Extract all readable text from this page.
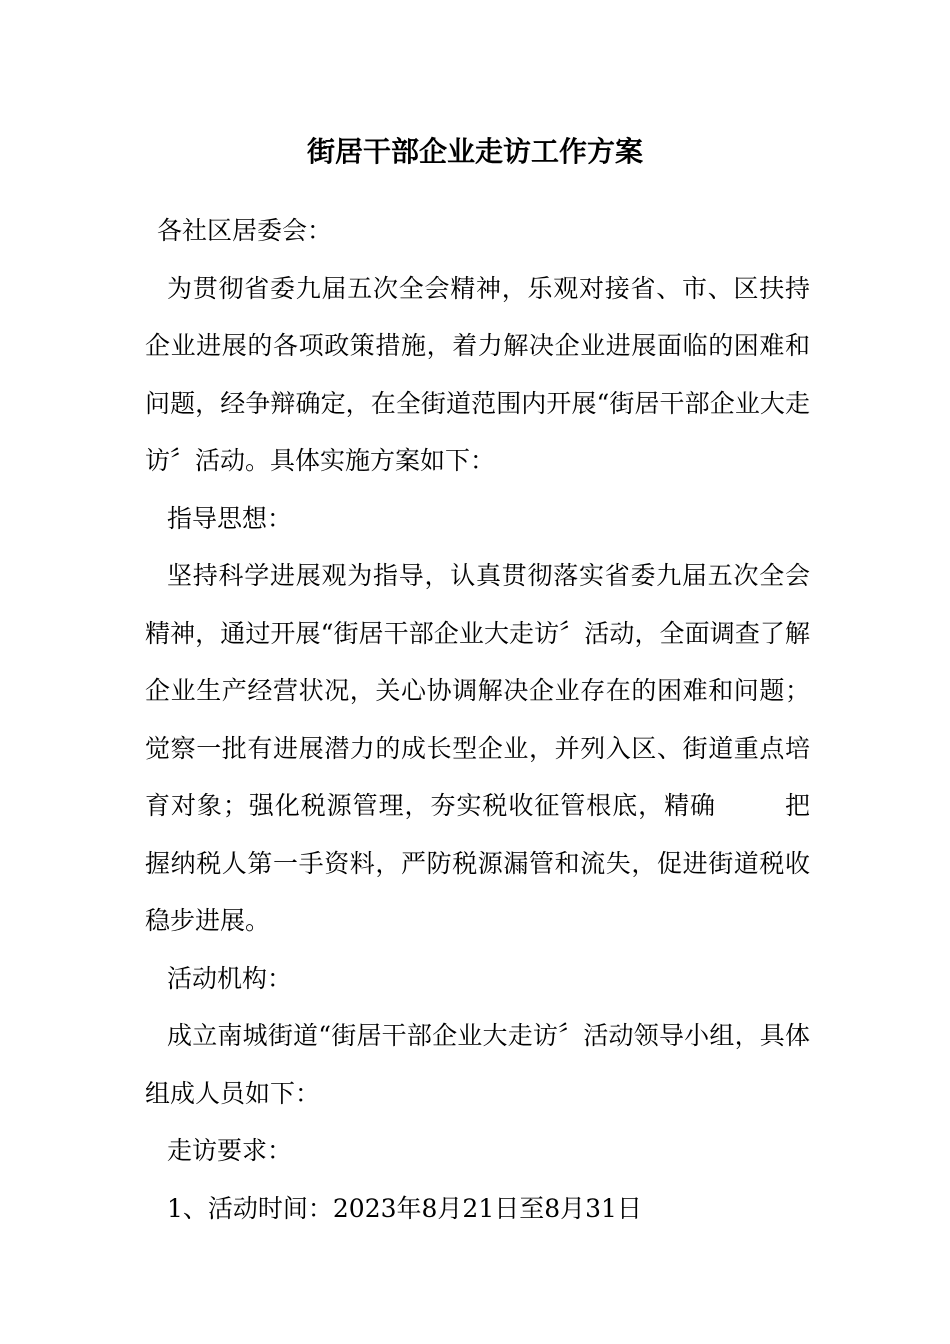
街居干部企业走访工作方案

各社区居委会：

为贯彻省委九届五次全会精神，乐观对接省、市、区扶持企业进展的各项政策措施，着力解决企业进展面临的困难和问题，经争辩确定，在全街道范围内开展“街居干部企业大走访〞活动。具体实施方案如下：

指导思想：

坚持科学进展观为指导，认真贯彻落实省委九届五次全会精神，通过开展“街居干部企业大走访〞活动，全面调查了解企业生产经营状况，关心协调解决企业存在的困难和问题；觉察一批有进展潜力的成长型企业，并列入区、街道重点培育对象；强化税源管理，夯实税收征管根底，精确	把握纳税人第一手资料，严防税源漏管和流失，促进街道税收稳步进展。

活动机构：

成立南城街道“街居干部企业大走访〞活动领导小组，具体组成人员如下：

走访要求：

1、活动时间：2023年8月21日至8月31日
